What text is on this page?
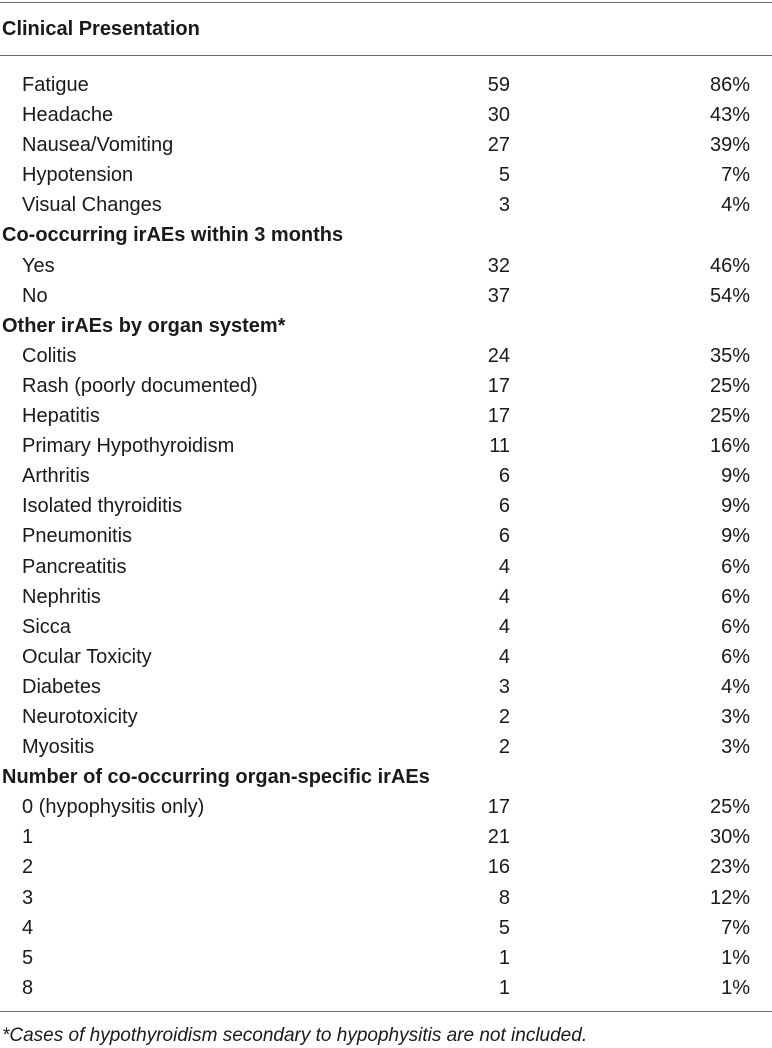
Clinical Presentation
Fatigue	59	86%
Headache	30	43%
Nausea/Vomiting	27	39%
Hypotension	5	7%
Visual Changes	3	4%
Co-occurring irAEs within 3 months
Yes	32	46%
No	37	54%
Other irAEs by organ system*
Colitis	24	35%
Rash (poorly documented)	17	25%
Hepatitis	17	25%
Primary Hypothyroidism	11	16%
Arthritis	6	9%
Isolated thyroiditis	6	9%
Pneumonitis	6	9%
Pancreatitis	4	6%
Nephritis	4	6%
Sicca	4	6%
Ocular Toxicity	4	6%
Diabetes	3	4%
Neurotoxicity	2	3%
Myositis	2	3%
Number of co-occurring organ-specific irAEs
0 (hypophysitis only)	17	25%
1	21	30%
2	16	23%
3	8	12%
4	5	7%
5	1	1%
8	1	1%
*Cases of hypothyroidism secondary to hypophysitis are not included.
